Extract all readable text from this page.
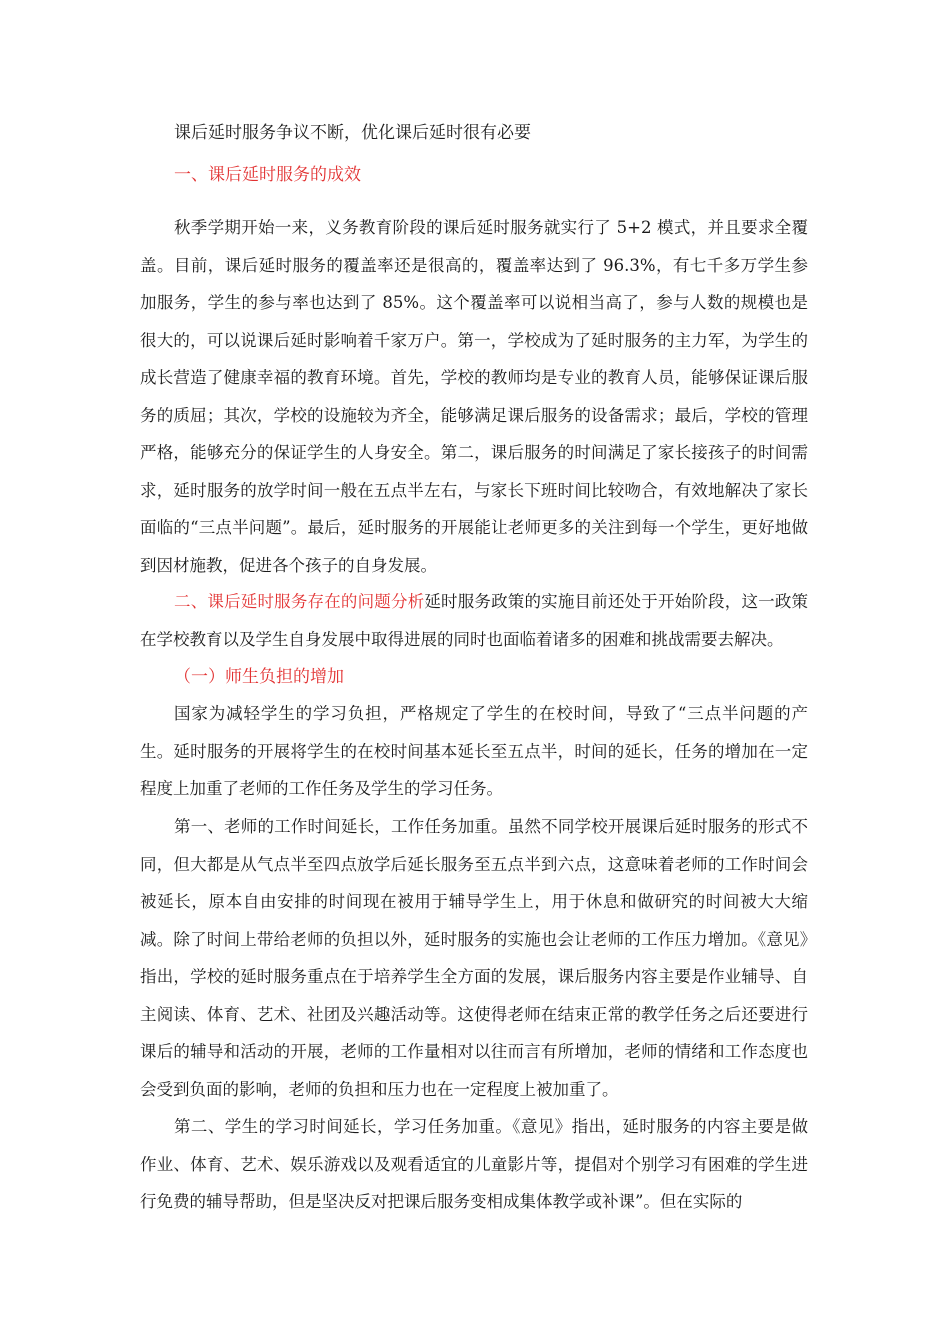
课后延时服务争议不断，优化课后延时很有必要
一、课后延时服务的成效

秋季学期开始一来，义务教育阶段的课后延时服务就实行了 5+2 模式，并且要求全覆盖。目前，课后延时服务的覆盖率还是很高的，覆盖率达到了 96.3%，有七千多万学生参加服务，学生的参与率也达到了 85%。这个覆盖率可以说相当高了，参与人数的规模也是很大的，可以说课后延时影响着千家万户。第一，学校成为了延时服务的主力军，为学生的成长营造了健康幸福的教育环境。首先，学校的教师均是专业的教育人员，能够保证课后服务的质屈；其次，学校的设施较为齐全，能够满足课后服务的设备需求；最后，学校的管理严格，能够充分的保证学生的人身安全。第二，课后服务的时间满足了家长接孩子的时间需求，延时服务的放学时间一般在五点半左右，与家长下班时间比较吻合，有效地解决了家长面临的“三点半问题”。最后，延时服务的开展能让老师更多的关注到每一个学生，更好地做到因材施教，促进各个孩子的自身发展。

二、课后延时服务存在的问题分析延时服务政策的实施目前还处于开始阶段，这一政策在学校教育以及学生自身发展中取得进展的同时也面临着诸多的困难和挑战需要去解决。

（一）师生负担的增加

国家为减轻学生的学习负担，严格规定了学生的在校时间，导致了“三点半问题的产生。延时服务的开展将学生的在校时间基本延长至五点半，时间的延长，任务的增加在一定程度上加重了老师的工作任务及学生的学习任务。

第一、老师的工作时间延长，工作任务加重。虽然不同学校开展课后延时服务的形式不同，但大都是从气点半至四点放学后延长服务至五点半到六点，这意味着老师的工作时间会被延长，原本自由安排的时间现在被用于辅导学生上，用于休息和做研究的时间被大大缩减。除了时间上带给老师的负担以外，延时服务的实施也会让老师的工作压力增加。《意见》指出，学校的延时服务重点在于培养学生全方面的发展，课后服务内容主要是作业辅导、自主阅读、体育、艺术、社团及兴趣活动等。这使得老师在结束正常的教学任务之后还要进行课后的辅导和活动的开展，老师的工作量相对以往而言有所增加，老师的情绪和工作态度也会受到负面的影响，老师的负担和压力也在一定程度上被加重了。

第二、学生的学习时间延长，学习任务加重。《意见》指出，延时服务的内容主要是做作业、体育、艺术、娱乐游戏以及观看适宜的儿童影片等，提倡对个别学习有困难的学生进行免费的辅导帮助，但是坚决反对把课后服务变相成集体教学或补课”。但在实际的
